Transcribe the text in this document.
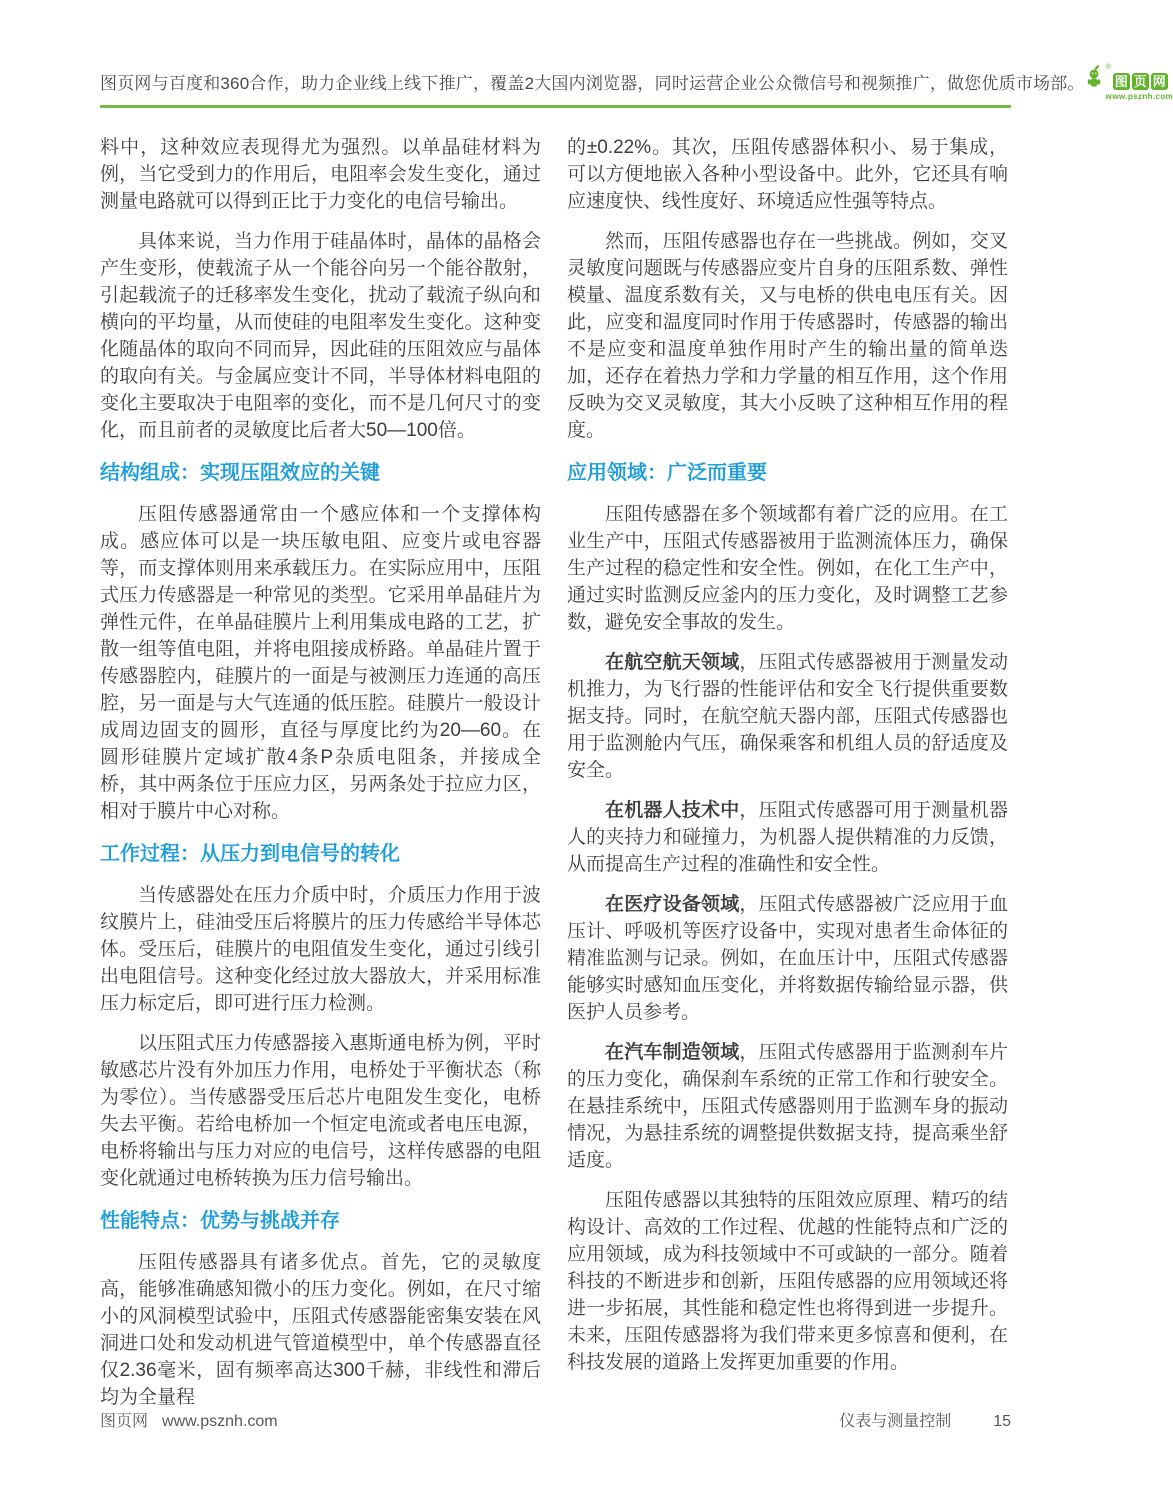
图页网与百度和360合作，助力企业线上线下推广，覆盖2大国内浏览器，同时运营企业公众微信号和视频推广，做您优质市场部。
®
图 页 网
www.psznh.com

料中，这种效应表现得尤为强烈。以单晶硅材料为例，当它受到力的作用后，电阻率会发生变化，通过测量电路就可以得到正比于力变化的电信号输出。

具体来说，当力作用于硅晶体时，晶体的晶格会产生变形，使载流子从一个能谷向另一个能谷散射，引起载流子的迁移率发生变化，扰动了载流子纵向和横向的平均量，从而使硅的电阻率发生变化。这种变化随晶体的取向不同而异，因此硅的压阻效应与晶体的取向有关。与金属应变计不同，半导体材料电阻的变化主要取决于电阻率的变化，而不是几何尺寸的变化，而且前者的灵敏度比后者大50—100倍。

结构组成：实现压阻效应的关键

压阻传感器通常由一个感应体和一个支撑体构成。感应体可以是一块压敏电阻、应变片或电容器等，而支撑体则用来承载压力。在实际应用中，压阻式压力传感器是一种常见的类型。它采用单晶硅片为弹性元件，在单晶硅膜片上利用集成电路的工艺，扩散一组等值电阻，并将电阻接成桥路。单晶硅片置于传感器腔内，硅膜片的一面是与被测压力连通的高压腔，另一面是与大气连通的低压腔。硅膜片一般设计成周边固支的圆形，直径与厚度比约为20—60。在圆形硅膜片定域扩散4条P杂质电阻条，并接成全桥，其中两条位于压应力区，另两条处于拉应力区，相对于膜片中心对称。

工作过程：从压力到电信号的转化

当传感器处在压力介质中时，介质压力作用于波纹膜片上，硅油受压后将膜片的压力传感给半导体芯体。受压后，硅膜片的电阻值发生变化，通过引线引出电阻信号。这种变化经过放大器放大，并采用标准压力标定后，即可进行压力检测。

以压阻式压力传感器接入惠斯通电桥为例，平时敏感芯片没有外加压力作用，电桥处于平衡状态（称为零位）。当传感器受压后芯片电阻发生变化，电桥失去平衡。若给电桥加一个恒定电流或者电压电源，电桥将输出与压力对应的电信号，这样传感器的电阻变化就通过电桥转换为压力信号输出。

性能特点：优势与挑战并存

压阻传感器具有诸多优点。首先，它的灵敏度高，能够准确感知微小的压力变化。例如，在尺寸缩小的风洞模型试验中，压阻式传感器能密集安装在风洞进口处和发动机进气管道模型中，单个传感器直径仅2.36毫米，固有频率高达300千赫，非线性和滞后均为全量程

的±0.22%。其次，压阻传感器体积小、易于集成，可以方便地嵌入各种小型设备中。此外，它还具有响应速度快、线性度好、环境适应性强等特点。

然而，压阻传感器也存在一些挑战。例如，交叉灵敏度问题既与传感器应变片自身的压阻系数、弹性模量、温度系数有关，又与电桥的供电电压有关。因此，应变和温度同时作用于传感器时，传感器的输出不是应变和温度单独作用时产生的输出量的简单迭加，还存在着热力学和力学量的相互作用，这个作用反映为交叉灵敏度，其大小反映了这种相互作用的程度。

应用领域：广泛而重要

压阻传感器在多个领域都有着广泛的应用。在工业生产中，压阻式传感器被用于监测流体压力，确保生产过程的稳定性和安全性。例如，在化工生产中，通过实时监测反应釜内的压力变化，及时调整工艺参数，避免安全事故的发生。

在航空航天领域，压阻式传感器被用于测量发动机推力，为飞行器的性能评估和安全飞行提供重要数据支持。同时，在航空航天器内部，压阻式传感器也用于监测舱内气压，确保乘客和机组人员的舒适度及安全。

在机器人技术中，压阻式传感器可用于测量机器人的夹持力和碰撞力，为机器人提供精准的力反馈，从而提高生产过程的准确性和安全性。

在医疗设备领域，压阻式传感器被广泛应用于血压计、呼吸机等医疗设备中，实现对患者生命体征的精准监测与记录。例如，在血压计中，压阻式传感器能够实时感知血压变化，并将数据传输给显示器，供医护人员参考。

在汽车制造领域，压阻式传感器用于监测刹车片的压力变化，确保刹车系统的正常工作和行驶安全。在悬挂系统中，压阻式传感器则用于监测车身的振动情况，为悬挂系统的调整提供数据支持，提高乘坐舒适度。

压阻传感器以其独特的压阻效应原理、精巧的结构设计、高效的工作过程、优越的性能特点和广泛的应用领域，成为科技领域中不可或缺的一部分。随着科技的不断进步和创新，压阻传感器的应用领域还将进一步拓展，其性能和稳定性也将得到进一步提升。未来，压阻传感器将为我们带来更多惊喜和便利，在科技发展的道路上发挥更加重要的作用。

图页网 www.psznh.com	仪表与测量控制	15
